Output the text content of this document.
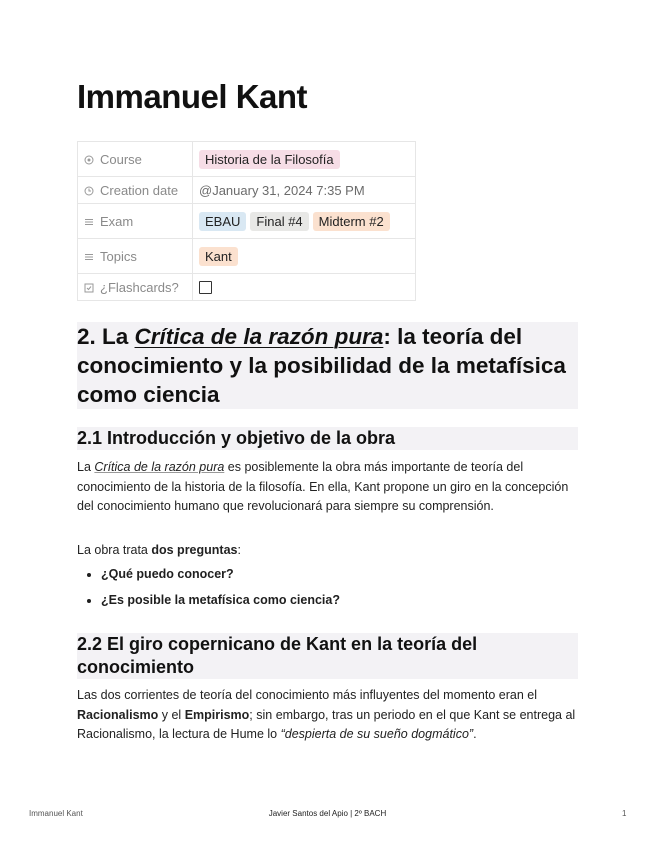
Immanuel Kant
Course	Historia de la Filosofía
Creation date	@January 31, 2024 7:35 PM
Exam	EBAU Final #4 Midterm #2
Topics	Kant
¿Flashcards?	
2. La Crítica de la razón pura: la teoría del conocimiento y la posibilidad de la metafísica como ciencia
2.1 Introducción y objetivo de la obra

La Crítica de la razón pura es posiblemente la obra más importante de teoría del conocimiento de la historia de la filosofía. En ella, Kant propone un giro en la concepción del conocimiento humano que revolucionará para siempre su comprensión.

La obra trata dos preguntas:

• ¿Qué puedo conocer?
• ¿Es posible la metafísica como ciencia?
2.2 El giro copernicano de Kant en la teoría del conocimiento

Las dos corrientes de teoría del conocimiento más influyentes del momento eran el Racionalismo y el Empirismo; sin embargo, tras un periodo en el que Kant se entrega al Racionalismo, la lectura de Hume lo “despierta de su sueño dogmático”.

Immanuel Kant	Javier Santos del Apio | 2º BACH	1
